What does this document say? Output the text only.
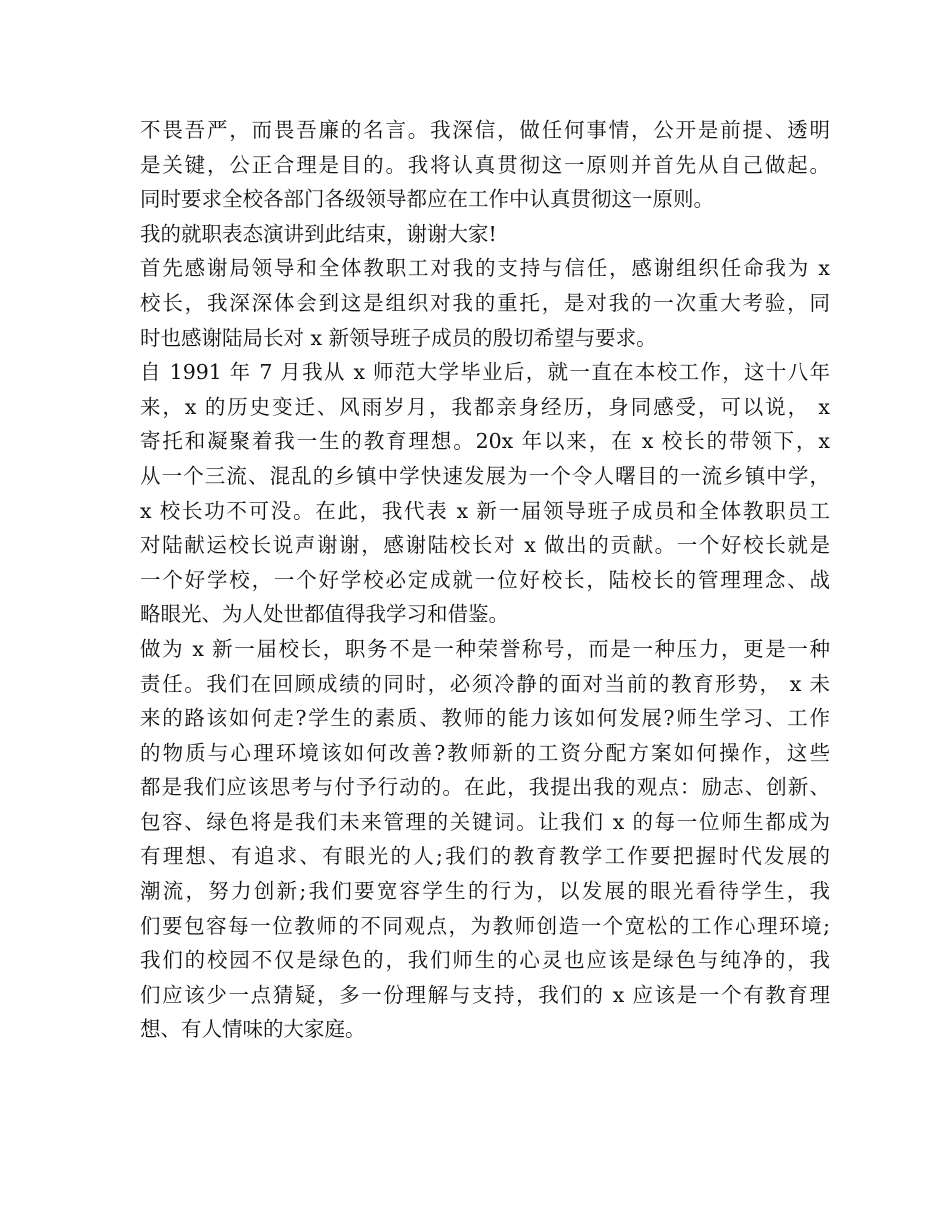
不畏吾严，而畏吾廉的名言。我深信，做任何事情，公开是前提、透明
是关键，公正合理是目的。我将认真贯彻这一原则并首先从自己做起。
同时要求全校各部门各级领导都应在工作中认真贯彻这一原则。
我的就职表态演讲到此结束，谢谢大家!
首先感谢局领导和全体教职工对我的支持与信任，感谢组织任命我为 x
校长，我深深体会到这是组织对我的重托，是对我的一次重大考验，同
时也感谢陆局长对 x 新领导班子成员的殷切希望与要求。
自 1991 年 7 月我从 x 师范大学毕业后，就一直在本校工作，这十八年
来，x 的历史变迁、风雨岁月，我都亲身经历，身同感受，可以说， x
寄托和凝聚着我一生的教育理想。20x 年以来，在 x 校长的带领下，x
从一个三流、混乱的乡镇中学快速发展为一个令人曙目的一流乡镇中学，
x 校长功不可没。在此，我代表 x 新一届领导班子成员和全体教职员工
对陆献运校长说声谢谢，感谢陆校长对 x 做出的贡献。一个好校长就是
一个好学校，一个好学校必定成就一位好校长，陆校长的管理理念、战
略眼光、为人处世都值得我学习和借鉴。
做为 x 新一届校长，职务不是一种荣誉称号，而是一种压力，更是一种
责任。我们在回顾成绩的同时，必须冷静的面对当前的教育形势， x 未
来的路该如何走?学生的素质、教师的能力该如何发展?师生学习、工作
的物质与心理环境该如何改善?教师新的工资分配方案如何操作，这些
都是我们应该思考与付予行动的。在此，我提出我的观点：励志、创新、
包容、绿色将是我们未来管理的关键词。让我们 x 的每一位师生都成为
有理想、有追求、有眼光的人;我们的教育教学工作要把握时代发展的
潮流，努力创新;我们要宽容学生的行为，以发展的眼光看待学生，我
们要包容每一位教师的不同观点，为教师创造一个宽松的工作心理环境;
我们的校园不仅是绿色的，我们师生的心灵也应该是绿色与纯净的，我
们应该少一点猜疑，多一份理解与支持，我们的 x 应该是一个有教育理
想、有人情味的大家庭。
